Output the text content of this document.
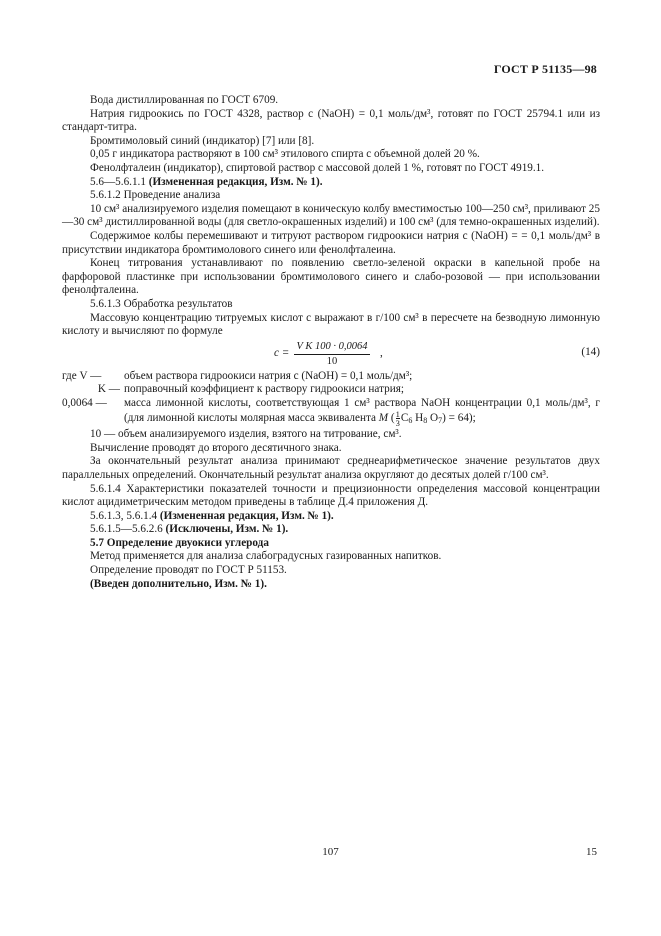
ГОСТ Р 51135—98

Вода дистиллированная по ГОСТ 6709.

Натрия гидроокись по ГОСТ 4328, раствор c (NaOH) = 0,1 моль/дм³, готовят по ГОСТ 25794.1 или из стандарт-титра.

Бромтимоловый синий (индикатор) [7] или [8].

0,05 г индикатора растворяют в 100 см³ этилового спирта с объемной долей 20 %.

Фенолфталеин (индикатор), спиртовой раствор с массовой долей 1 %, готовят по ГОСТ 4919.1.

5.6—5.6.1.1 (Измененная редакция, Изм. № 1).

5.6.1.2 Проведение анализа

10 см³ анализируемого изделия помещают в коническую колбу вместимостью 100—250 см³, приливают 25—30 см³ дистиллированной воды (для светло-окрашенных изделий) и 100 см³ (для темно-окрашенных изделий).

Содержимое колбы перемешивают и титруют раствором гидроокиси натрия c (NaOH) = = 0,1 моль/дм³ в присутствии индикатора бромтимолового синего или фенолфталеина.

Конец титрования устанавливают по появлению светло-зеленой окраски в капельной пробе на фарфоровой пластинке при использовании бромтимолового синего и слабо-розовой — при использовании фенолфталеина.

5.6.1.3 Обработка результатов

Массовую концентрацию титруемых кислот c выражают в г/100 см³ в пересчете на безводную лимонную кислоту и вычисляют по формуле

$c = \frac{\text{V K 100 · 0,0064}}{10}$ ,	(14)
где V —	объем раствора гидроокиси натрия c (NaOH) = 0,1 моль/дм³;
K — поправочный коэффициент к раствору гидроокиси натрия;
0,0064 —	масса лимонной кислоты, соответствующая 1 см³ раствора NaOH концентрации 0,1 моль/дм³, г (для лимонной кислоты молярная масса эквивалента M ( $\frac{1}{3} C6$ H8 O7) = 64);

10 — объем анализируемого изделия, взятого на титрование, см³.

Вычисление проводят до второго десятичного знака.

За окончательный результат анализа принимают среднеарифметическое значение результатов двух параллельных определений. Окончательный результат анализа округляют до десятых долей г/100 см³.

5.6.1.4 Характеристики показателей точности и прецизионности определения массовой концентрации кислот ацидиметрическим методом приведены в таблице Д.4 приложения Д.

5.6.1.3, 5.6.1.4 (Измененная редакция, Изм. № 1).

5.6.1.5—5.6.2.6 (Исключены, Изм. № 1).

5.7 Определение двуокиси углерода

Метод применяется для анализа слабоградусных газированных напитков.

Определение проводят по ГОСТ Р 51153.

(Введен дополнительно, Изм. № 1).

107	15
